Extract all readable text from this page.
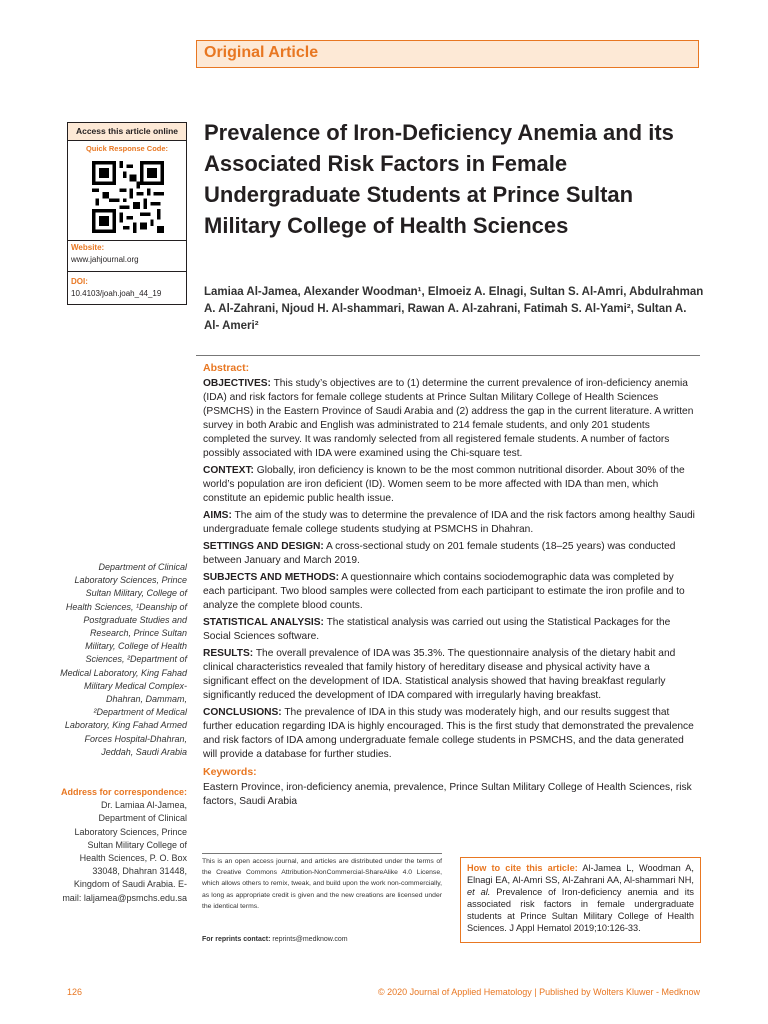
Original Article
Access this article online
Quick Response Code:
Website:
www.jahjournal.org
DOI:
10.4103/joah.joah_44_19
Prevalence of Iron-Deficiency Anemia and its Associated Risk Factors in Female Undergraduate Students at Prince Sultan Military College of Health Sciences
Lamiaa Al-Jamea, Alexander Woodman¹, Elmoeiz A. Elnagi, Sultan S. Al-Amri, Abdulrahman A. Al-Zahrani, Njoud H. Al-shammari, Rawan A. Al-zahrani, Fatimah S. Al-Yami², Sultan A. Al- Ameri²

Abstract:

OBJECTIVES: This study’s objectives are to (1) determine the current prevalence of iron-deficiency anemia (IDA) and risk factors for female college students at Prince Sultan Military College of Health Sciences (PSMCHS) in the Eastern Province of Saudi Arabia and (2) address the gap in the current literature. A written survey in both Arabic and English was administrated to 214 female students, and only 201 students completed the survey. It was randomly selected from all registered female students. A number of factors possibly associated with IDA were examined using the Chi-square test.

CONTEXT: Globally, iron deficiency is known to be the most common nutritional disorder. About 30% of the world’s population are iron deficient (ID). Women seem to be more affected with IDA than men, which constitute an epidemic public health issue.

AIMS: The aim of the study was to determine the prevalence of IDA and the risk factors among healthy Saudi undergraduate female college students studying at PSMCHS in Dhahran.

SETTINGS AND DESIGN: A cross-sectional study on 201 female students (18–25 years) was conducted between January and March 2019.

SUBJECTS AND METHODS: A questionnaire which contains sociodemographic data was completed by each participant. Two blood samples were collected from each participant to estimate the iron profile and to analyze the complete blood counts.

STATISTICAL ANALYSIS: The statistical analysis was carried out using the Statistical Packages for the Social Sciences software.

RESULTS: The overall prevalence of IDA was 35.3%. The questionnaire analysis of the dietary habit and clinical characteristics revealed that family history of hereditary disease and physical activity have a significant effect on the development of IDA. Statistical analysis showed that having breakfast regularly significantly reduced the development of IDA compared with irregularly having breakfast.

CONCLUSIONS: The prevalence of IDA in this study was moderately high, and our results suggest that further education regarding IDA is highly encouraged. This is the first study that demonstrated the prevalence and risk factors of IDA among undergraduate female college students in PSMCHS, and the data generated will provide a database for further studies.

Keywords:

Eastern Province, iron-deficiency anemia, prevalence, Prince Sultan Military College of Health Sciences, risk factors, Saudi Arabia

Department of Clinical Laboratory Sciences, Prince Sultan Military, College of Health Sciences, ¹Deanship of Postgraduate Studies and Research, Prince Sultan Military, College of Health Sciences, ²Department of Medical Laboratory, King Fahad Military Medical Complex-Dhahran, Dammam, ²Department of Medical Laboratory, King Fahad Armed Forces Hospital-Dhahran, Jeddah, Saudi Arabia
Address for correspondence:
Dr. Lamiaa Al-Jamea, Department of Clinical Laboratory Sciences, Prince Sultan Military College of Health Sciences, P. O. Box 33048, Dhahran 31448, Kingdom of Saudi Arabia. E-mail: laljamea@psmchs.edu.sa
This is an open access journal, and articles are distributed under the terms of the Creative Commons Attribution-NonCommercial-ShareAlike 4.0 License, which allows others to remix, tweak, and build upon the work non-commercially, as long as appropriate credit is given and the new creations are licensed under the identical terms.
For reprints contact: reprints@medknow.com
How to cite this article: Al-Jamea L, Woodman A, Elnagi EA, Al-Amri SS, Al-Zahrani AA, Al-shammari NH, et al. Prevalence of Iron-deficiency anemia and its associated risk factors in female undergraduate students at Prince Sultan Military College of Health Sciences. J Appl Hematol 2019;10:126-33.
126	© 2020 Journal of Applied Hematology | Published by Wolters Kluwer - Medknow
